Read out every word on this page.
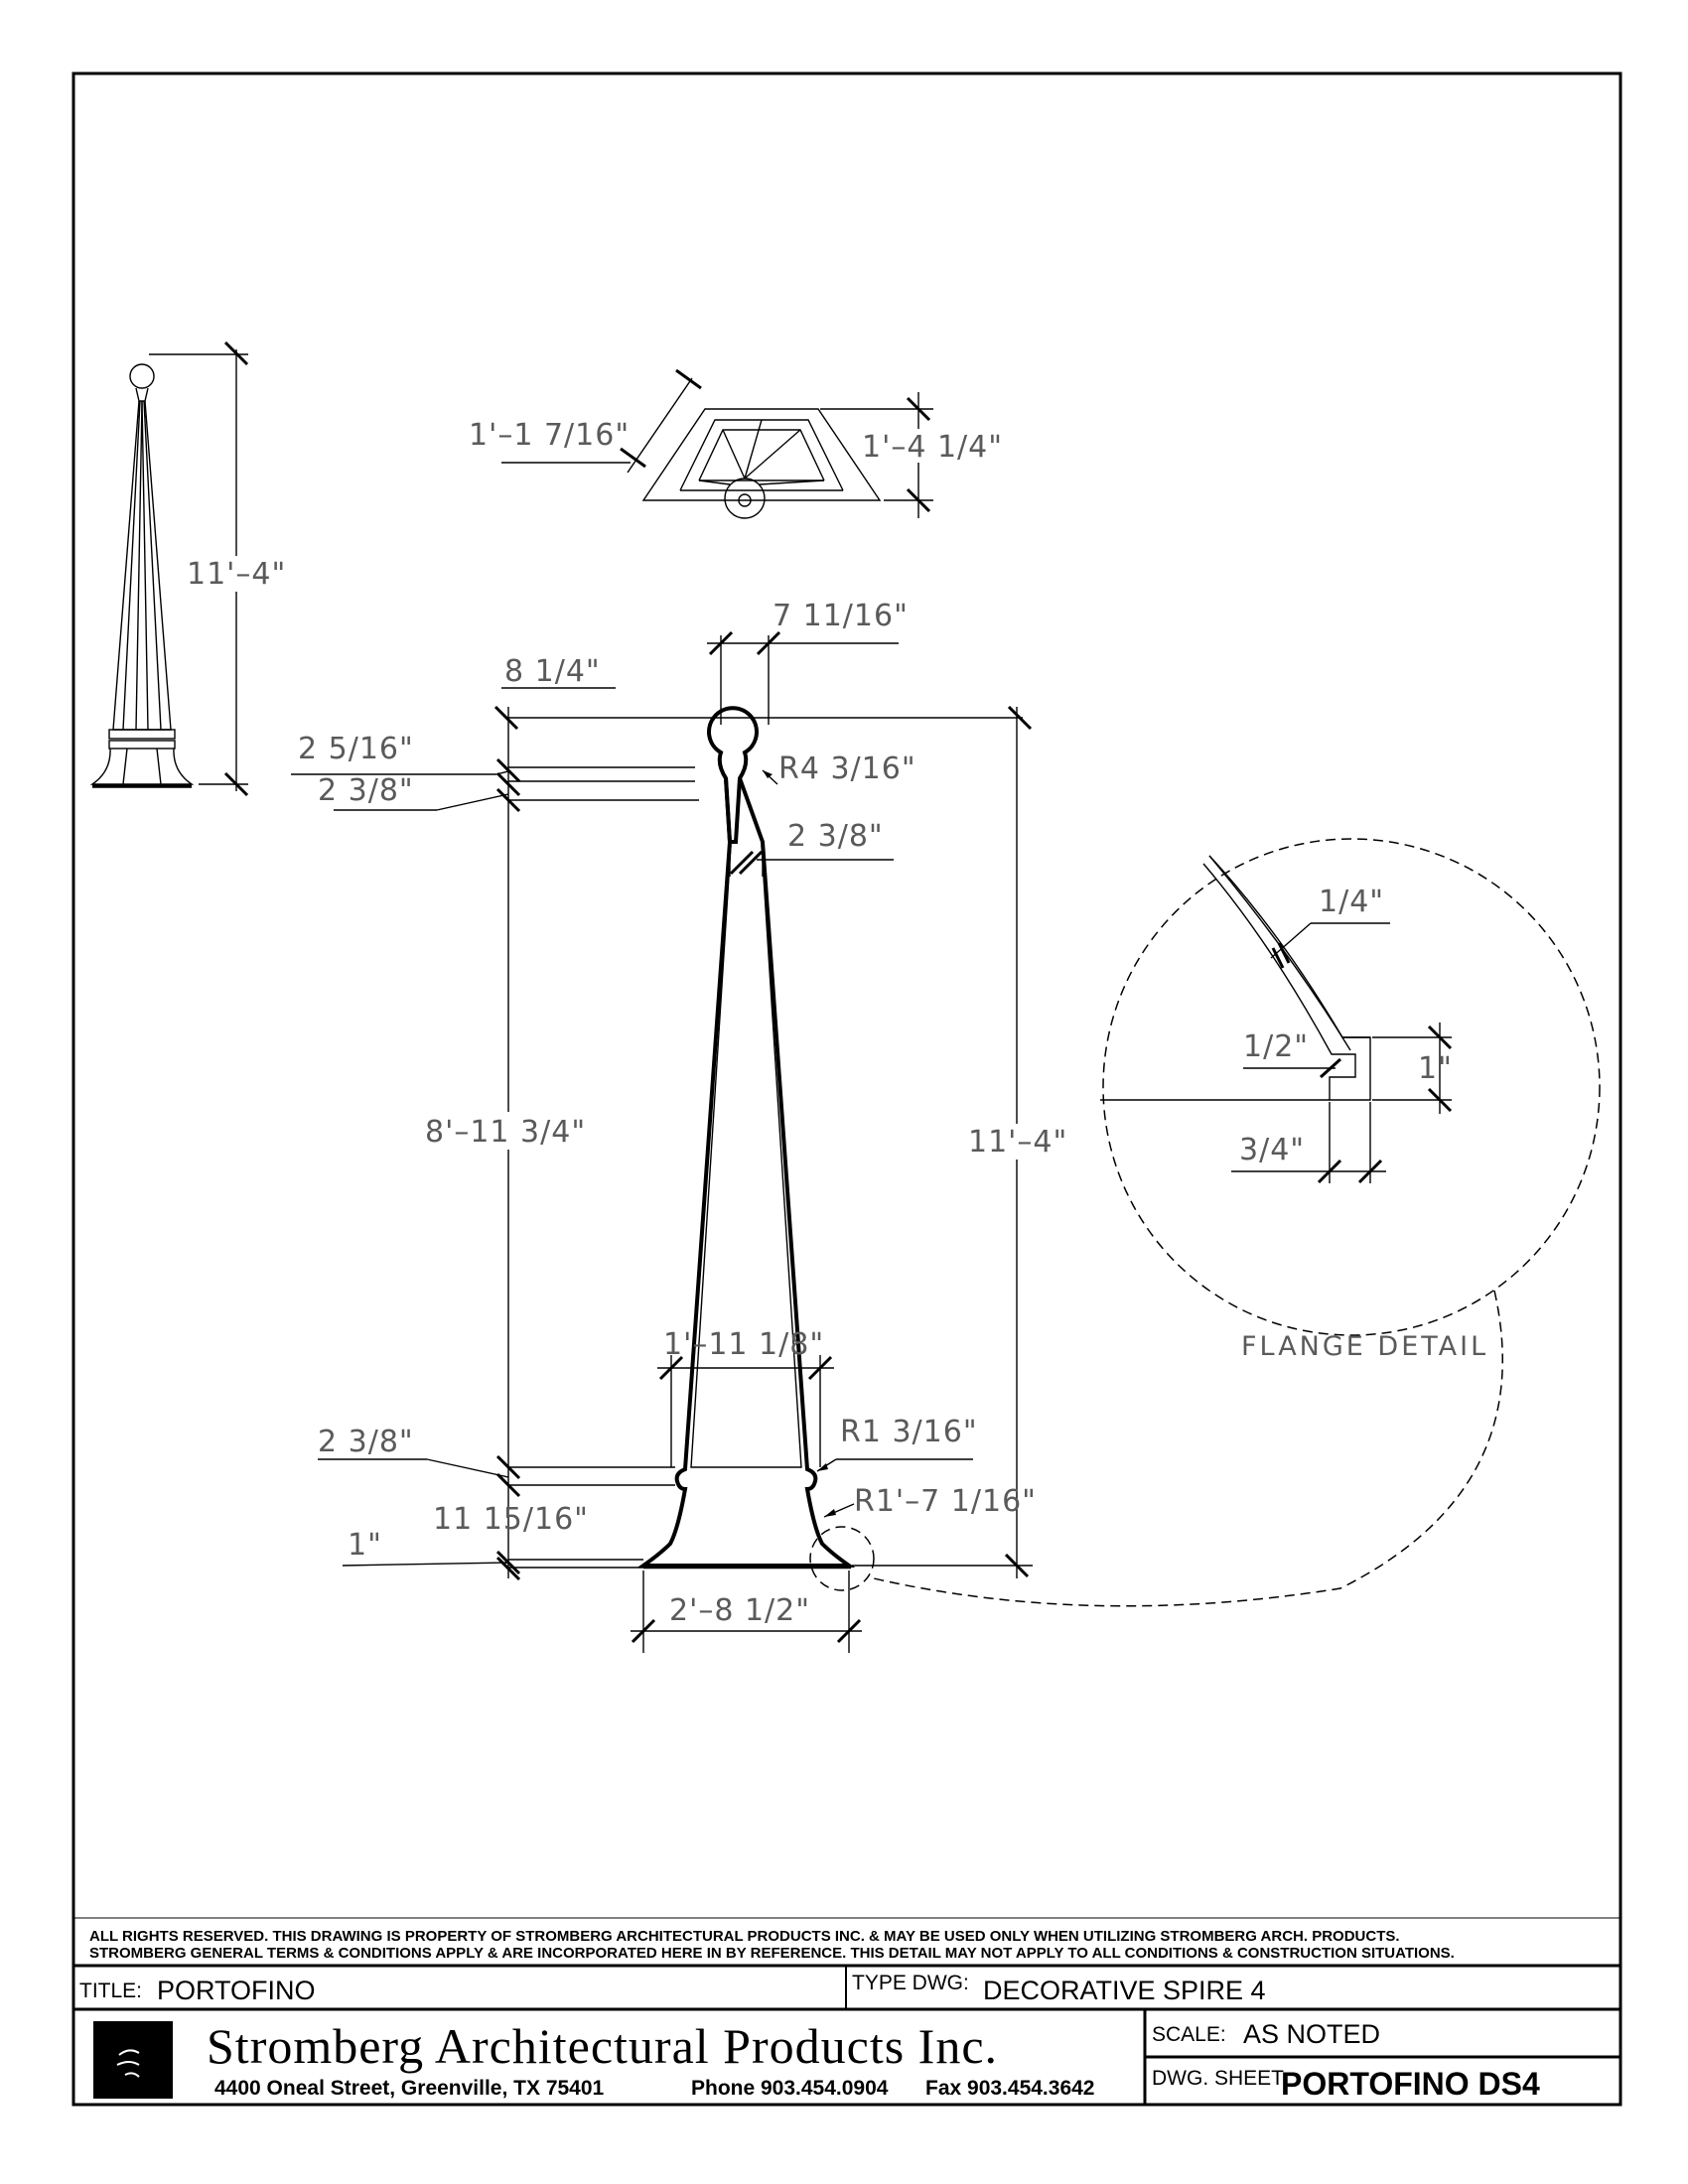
11'–4"
1'–1 7/16"	1'–4 1/4"
7 11/16"
8 1/4"
2 5/16"
2 3/8"
R4 3/16"
2 3/8"
8'–11 3/4"	11'–4"
1'–11 1/8"
2 3/8"	R1 3/16"
R1'–7 1/16"
11 15/16"
1"
2'–8 1/2"
1/4"
1/2"
1"
3/4"
FLANGE DETAIL
ALL RIGHTS RESERVED. THIS DRAWING IS PROPERTY OF STROMBERG ARCHITECTURAL PRODUCTS INC. & MAY BE USED ONLY WHEN UTILIZING STROMBERG ARCH. PRODUCTS.
STROMBERG GENERAL TERMS & CONDITIONS APPLY & ARE INCORPORATED HERE IN BY REFERENCE. THIS DETAIL MAY NOT APPLY TO ALL CONDITIONS & CONSTRUCTION SITUATIONS.
TITLE: PORTOFINO	TYPE DWG: DECORATIVE SPIRE 4
Stromberg Architectural Products Inc.
4400 Oneal Street, Greenville, TX 75401	Phone 903.454.0904 Fax 903.454.3642
SCALE: AS NOTED
DWG. SHEET
PORTOFINO DS4
